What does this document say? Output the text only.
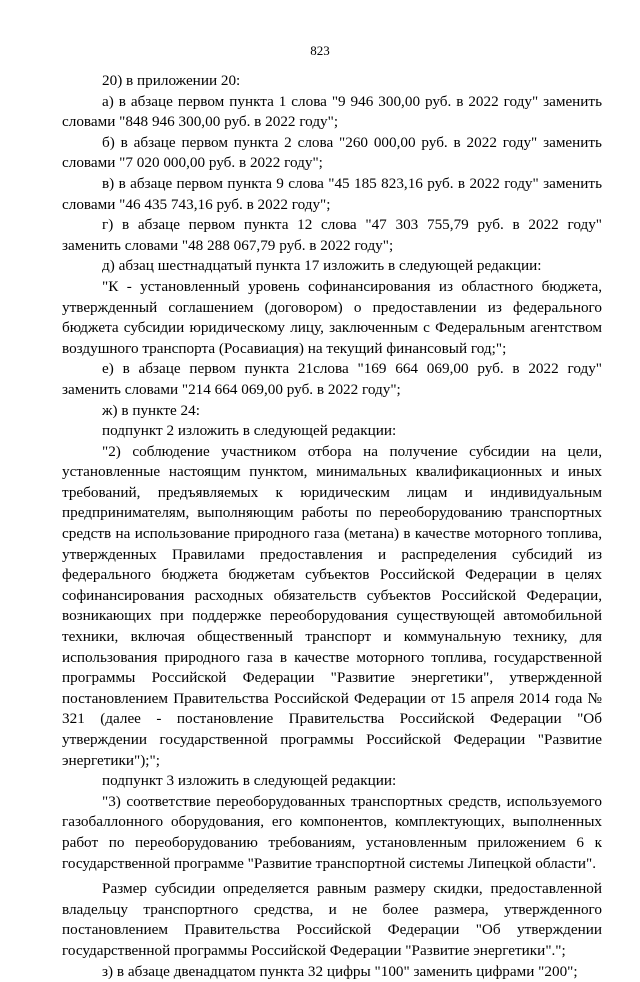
823
20) в приложении 20:
а) в абзаце первом пункта 1 слова "9 946 300,00 руб. в 2022 году" заменить
словами "848 946 300,00 руб. в 2022 году";
б) в абзаце первом пункта 2 слова "260 000,00 руб. в 2022 году" заменить
словами "7 020 000,00 руб. в 2022 году";
в) в абзаце первом пункта 9 слова "45 185 823,16 руб. в 2022 году" заменить
словами "46 435 743,16 руб. в 2022 году";
г) в абзаце первом пункта 12 слова "47 303 755,79 руб. в 2022 году"
заменить словами "48 288 067,79 руб. в 2022 году";
д) абзац шестнадцатый пункта 17 изложить в следующей редакции:
"К - установленный уровень софинансирования из областного бюджета,
утвержденный соглашением (договором) о предоставлении из федерального
бюджета субсидии юридическому лицу, заключенным с Федеральным агентством
воздушного транспорта (Росавиация) на текущий финансовый год;";
е) в абзаце первом пункта 21слова "169 664 069,00 руб. в 2022 году"
заменить словами "214 664 069,00 руб. в 2022 году";
ж) в пункте 24:
подпункт 2 изложить в следующей редакции:
"2) соблюдение участником отбора на получение субсидии на цели,
установленные настоящим пунктом, минимальных квалификационных и иных
требований, предъявляемых к юридическим лицам и индивидуальным
предпринимателям, выполняющим работы по переоборудованию транспортных
средств на использование природного газа (метана) в качестве моторного топлива,
утвержденных Правилами предоставления и распределения субсидий из
федерального бюджета бюджетам субъектов Российской Федерации в целях
софинансирования расходных обязательств субъектов Российской Федерации,
возникающих при поддержке переоборудования существующей автомобильной
техники, включая общественный транспорт и коммунальную технику, для
использования природного газа в качестве моторного топлива, государственной
программы Российской Федерации "Развитие энергетики", утвержденной
постановлением Правительства Российской Федерации от 15 апреля 2014 года №
321 (далее - постановление Правительства Российской Федерации "Об
утверждении государственной программы Российской Федерации "Развитие
энергетики");";
подпункт 3 изложить в следующей редакции:
"3) соответствие переоборудованных транспортных средств, используемого
газобаллонного оборудования, его компонентов, комплектующих, выполненных
работ по переоборудованию требованиям, установленным приложением 6 к
государственной программе "Развитие транспортной системы Липецкой области".
Размер субсидии определяется равным размеру скидки, предоставленной
владельцу транспортного средства, и не более размера, утвержденного
постановлением Правительства Российской Федерации "Об утверждении
государственной программы Российской Федерации "Развитие энергетики".";
з) в абзаце двенадцатом пункта 32 цифры "100" заменить цифрами "200";
